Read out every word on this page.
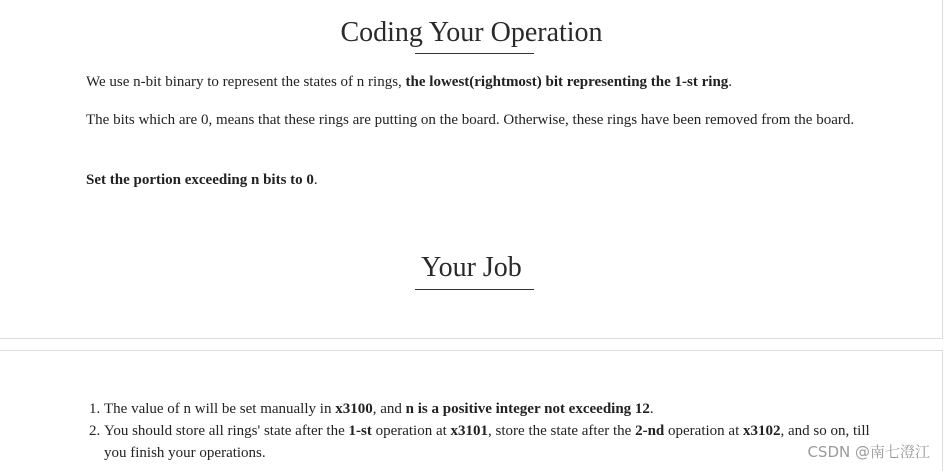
Coding Your Operation

We use n-bit binary to represent the states of n rings, the lowest(rightmost) bit representing the 1-st ring.

The bits which are 0, means that these rings are putting on the board. Otherwise, these rings have been removed from the board.

Set the portion exceeding n bits to 0.

Your Job
1. The value of n will be set manually in x3100, and n is a positive integer not exceeding 12.
2. You should store all rings' state after the 1-st operation at x3101, store the state after the 2-nd operation at x3102, and so on, till you finish your operations.	CSDN @南七澄江
